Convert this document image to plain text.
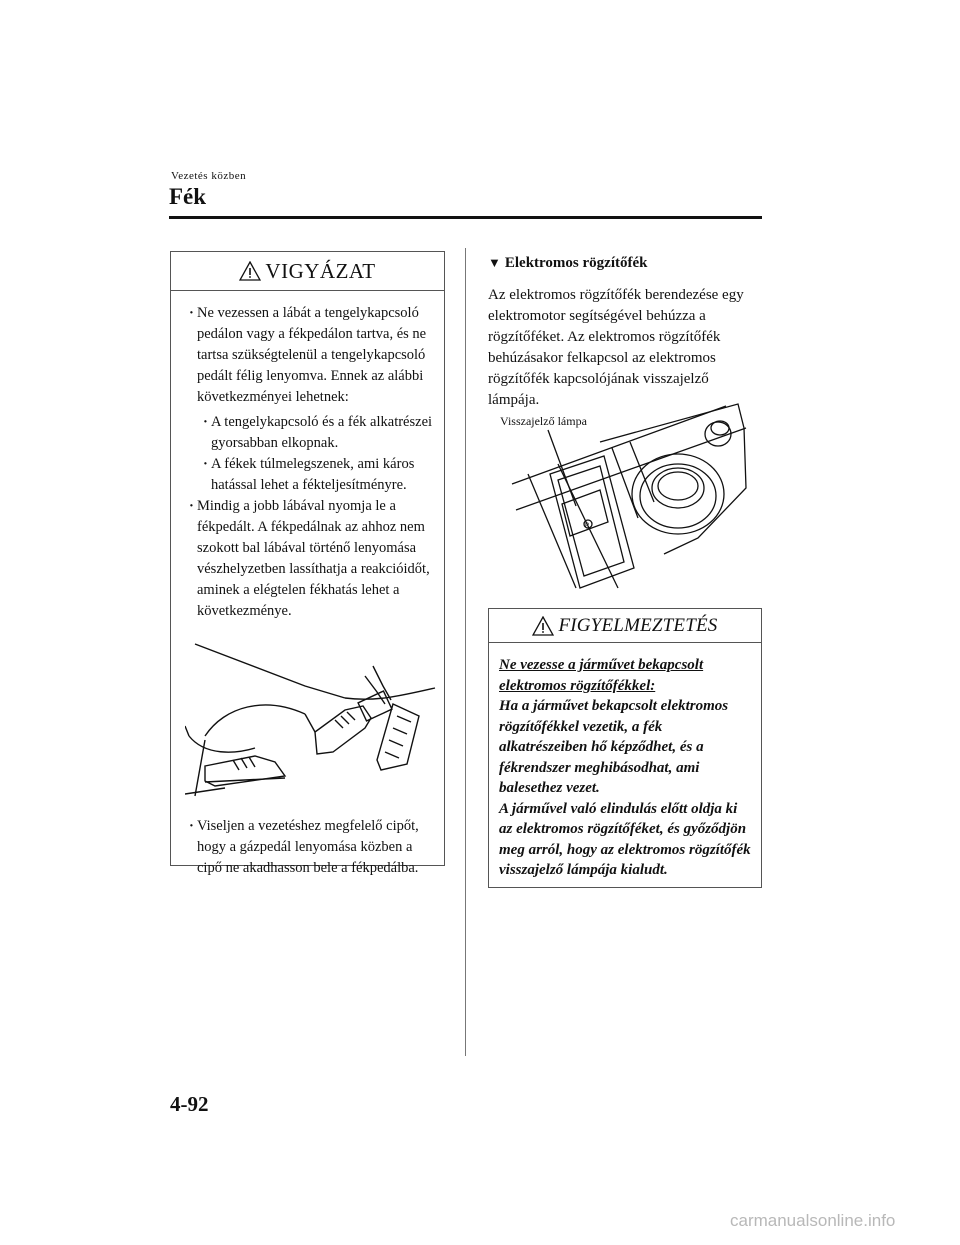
Vezetés közben
Fék
VIGYÁZAT
· Ne vezessen a lábát a tengelykapcsoló pedálon vagy a fékpedálon tartva, és ne tartsa szükségtelenül a tengelykapcsoló pedált félig lenyomva. Ennek az alábbi következményei lehetnek:
· A tengelykapcsoló és a fék alkatrészei gyorsabban elkopnak.
· A fékek túlmelegszenek, ami káros hatással lehet a fékteljesítményre.
· Mindig a jobb lábával nyomja le a fékpedált. A fékpedálnak az ahhoz nem szokott bal lábával történő lenyomása vészhelyzetben lassíthatja a reakcióidőt, aminek a elégtelen fékhatás lehet a következménye.
· Viseljen a vezetéshez megfelelő cipőt, hogy a gázpedál lenyomása közben a cipő ne akadhasson bele a fékpedálba.
▼ Elektromos rögzítőfék
Az elektromos rögzítőfék berendezése egy elektromotor segítségével behúzza a rögzítőféket. Az elektromos rögzítőfék behúzásakor felkapcsol az elektromos rögzítőfék kapcsolójának visszajelző lámpája.
Visszajelző lámpa
P
FIGYELMEZTETÉS
Ne vezesse a járművet bekapcsolt elektromos rögzítőfékkel:
Ha a járművet bekapcsolt elektromos rögzítőfékkel vezetik, a fék alkatrészeiben hő képződhet, és a fékrendszer meghibásodhat, ami balesethez vezet.
A járművel való elindulás előtt oldja ki az elektromos rögzítőféket, és győződjön meg arról, hogy az elektromos rögzítőfék visszajelző lámpája kialudt.
4-92
carmanualsonline.info
